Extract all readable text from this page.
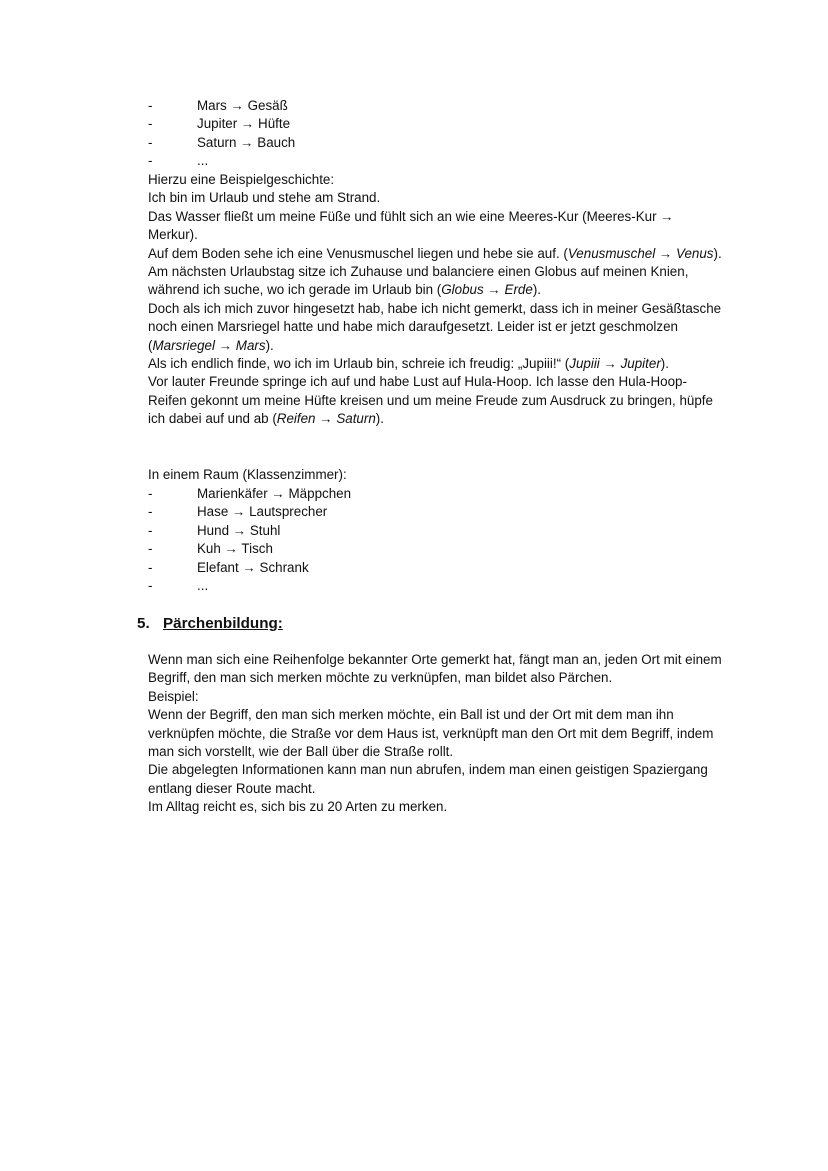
-	Mars → Gesäß
-	Jupiter → Hüfte
-	Saturn → Bauch
-	...

Hierzu eine Beispielgeschichte:

Ich bin im Urlaub und stehe am Strand.

Das Wasser fließt um meine Füße und fühlt sich an wie eine Meeres-Kur (Meeres-Kur → Merkur).

Auf dem Boden sehe ich eine Venusmuschel liegen und hebe sie auf. (Venusmuschel → Venus).

Am nächsten Urlaubstag sitze ich Zuhause und balanciere einen Globus auf meinen Knien, während ich suche, wo ich gerade im Urlaub bin (Globus → Erde).

Doch als ich mich zuvor hingesetzt hab, habe ich nicht gemerkt, dass ich in meiner Gesäßtasche noch einen Marsriegel hatte und habe mich daraufgesetzt. Leider ist er jetzt geschmolzen (Marsriegel → Mars).

Als ich endlich finde, wo ich im Urlaub bin, schreie ich freudig: „Jupiii!“ (Jupiii → Jupiter).

Vor lauter Freunde springe ich auf und habe Lust auf Hula-Hoop. Ich lasse den Hula-Hoop-Reifen gekonnt um meine Hüfte kreisen und um meine Freude zum Ausdruck zu bringen, hüpfe ich dabei auf und ab (Reifen → Saturn).

In einem Raum (Klassenzimmer):

-	Marienkäfer → Mäppchen
-	Hase → Lautsprecher
-	Hund → Stuhl
-	Kuh → Tisch
-	Elefant → Schrank
-	...
5. Pärchenbildung:

Wenn man sich eine Reihenfolge bekannter Orte gemerkt hat, fängt man an, jeden Ort mit einem Begriff, den man sich merken möchte zu verknüpfen, man bildet also Pärchen.

Beispiel:

Wenn der Begriff, den man sich merken möchte, ein Ball ist und der Ort mit dem man ihn verknüpfen möchte, die Straße vor dem Haus ist, verknüpft man den Ort mit dem Begriff, indem man sich vorstellt, wie der Ball über die Straße rollt.

Die abgelegten Informationen kann man nun abrufen, indem man einen geistigen Spaziergang entlang dieser Route macht.

Im Alltag reicht es, sich bis zu 20 Arten zu merken.
